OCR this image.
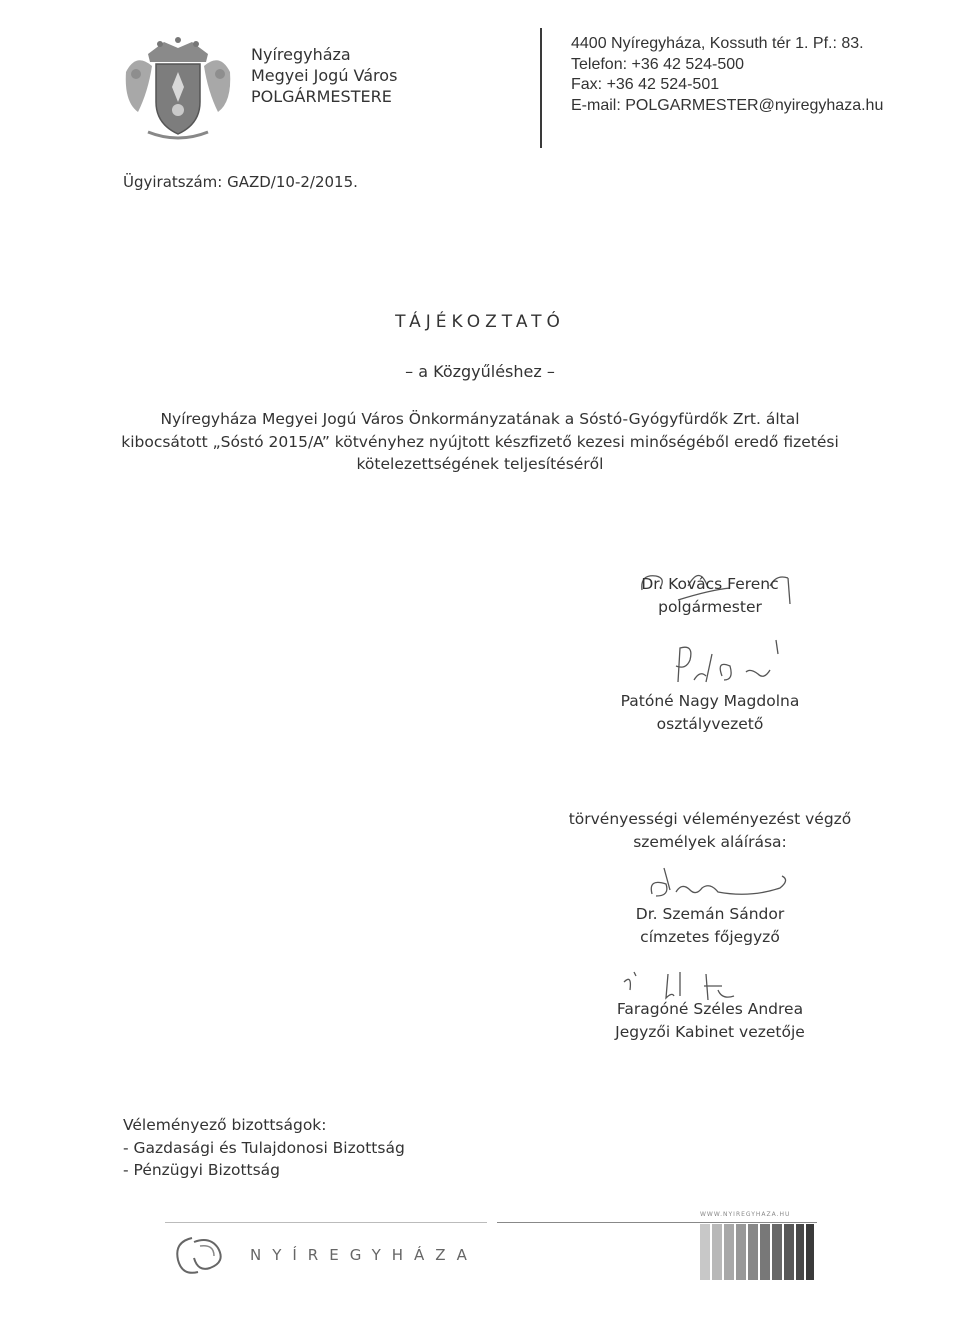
Nyíregyháza
Megyei Jogú Város
POLGÁRMESTERE
4400 Nyíregyháza, Kossuth tér 1. Pf.: 83.
Telefon: +36 42 524-500
Fax: +36 42 524-501
E-mail: POLGARMESTER@nyiregyhaza.hu
Ügyiratszám: GAZD/10-2/2015.
TÁJÉKOZTATÓ
– a Közgyűléshez –
Nyíregyháza Megyei Jogú Város Önkormányzatának a Sóstó-Gyógyfürdők Zrt. által
kibocsátott „Sóstó 2015/A” kötvényhez nyújtott készfizető kezesi minőségéből eredő fizetési
kötelezettségének teljesítéséről
Dr. Kovács Ferenc
polgármester
Patóné Nagy Magdolna
osztályvezető
törvényességi véleményezést végző
személyek aláírása:
Dr. Szemán Sándor
címzetes főjegyző
Faragóné Széles Andrea
Jegyzői Kabinet vezetője
Véleményező bizottságok:
- Gazdasági és Tulajdonosi Bizottság
- Pénzügyi Bizottság
NYÍREGYHÁZA
WWW.NYIREGYHAZA.HU
